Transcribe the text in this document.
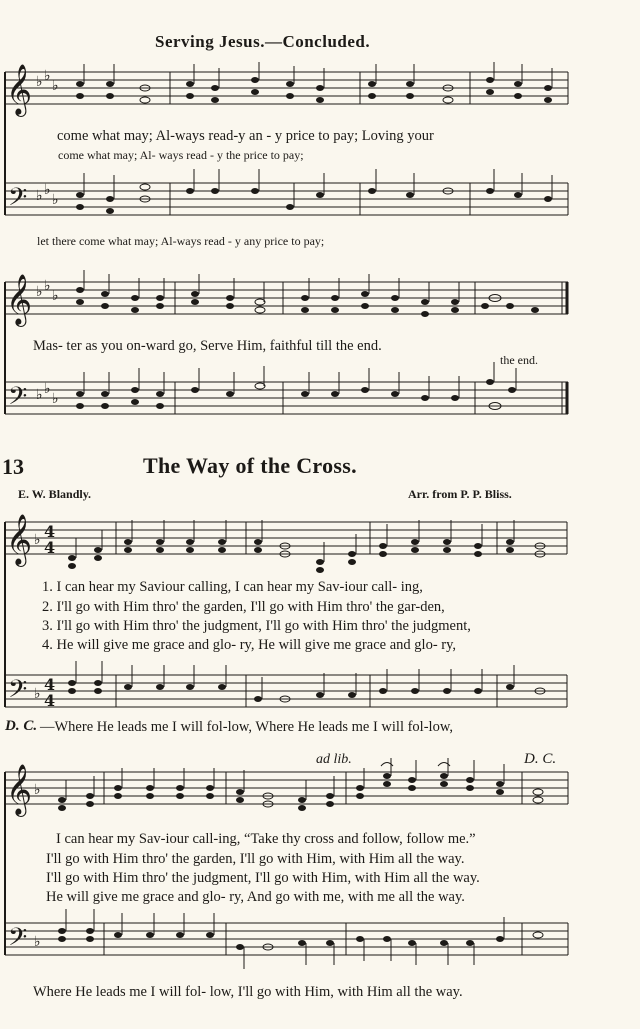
Serving Jesus.—Concluded.
𝄞
𝄢
♭ ♭
♭
♭ ♭
♭
come what may; Al-ways read-y an - y price to pay; Loving your
come what may; Al- ways read - y the price to pay;
let there come what may; Al-ways read - y any price to pay;
𝄞
𝄢
♭ ♭
♭
♭ ♭
♭
Mas- ter as you on-ward go, Serve Him, faithful till the end.
the end.
13	The Way of the Cross.
E. W. Blandly.	Arr. from P. P. Bliss.
𝄞
𝄢
♭
♭
4
4
4
4
1. I can hear my Saviour calling, I can hear my Sav-iour call- ing,
2. I'll go with Him thro' the garden, I'll go with Him thro' the gar-den,
3. I'll go with Him thro' the judgment, I'll go with Him thro' the judgment,
4. He will give me grace and glo- ry, He will give me grace and glo- ry,
D. C. —Where He leads me I will fol-low, Where He leads me I will fol-low,
ad lib.	D. C.
𝄞
𝄢
♭
♭
I can hear my Sav-iour call-ing, “Take thy cross and follow, follow me.”
I'll go with Him thro' the garden, I'll go with Him, with Him all the way.
I'll go with Him thro' the judgment, I'll go with Him, with Him all the way.
He will give me grace and glo- ry, And go with me, with me all the way.
Where He leads me I will fol- low, I'll go with Him, with Him all the way.
